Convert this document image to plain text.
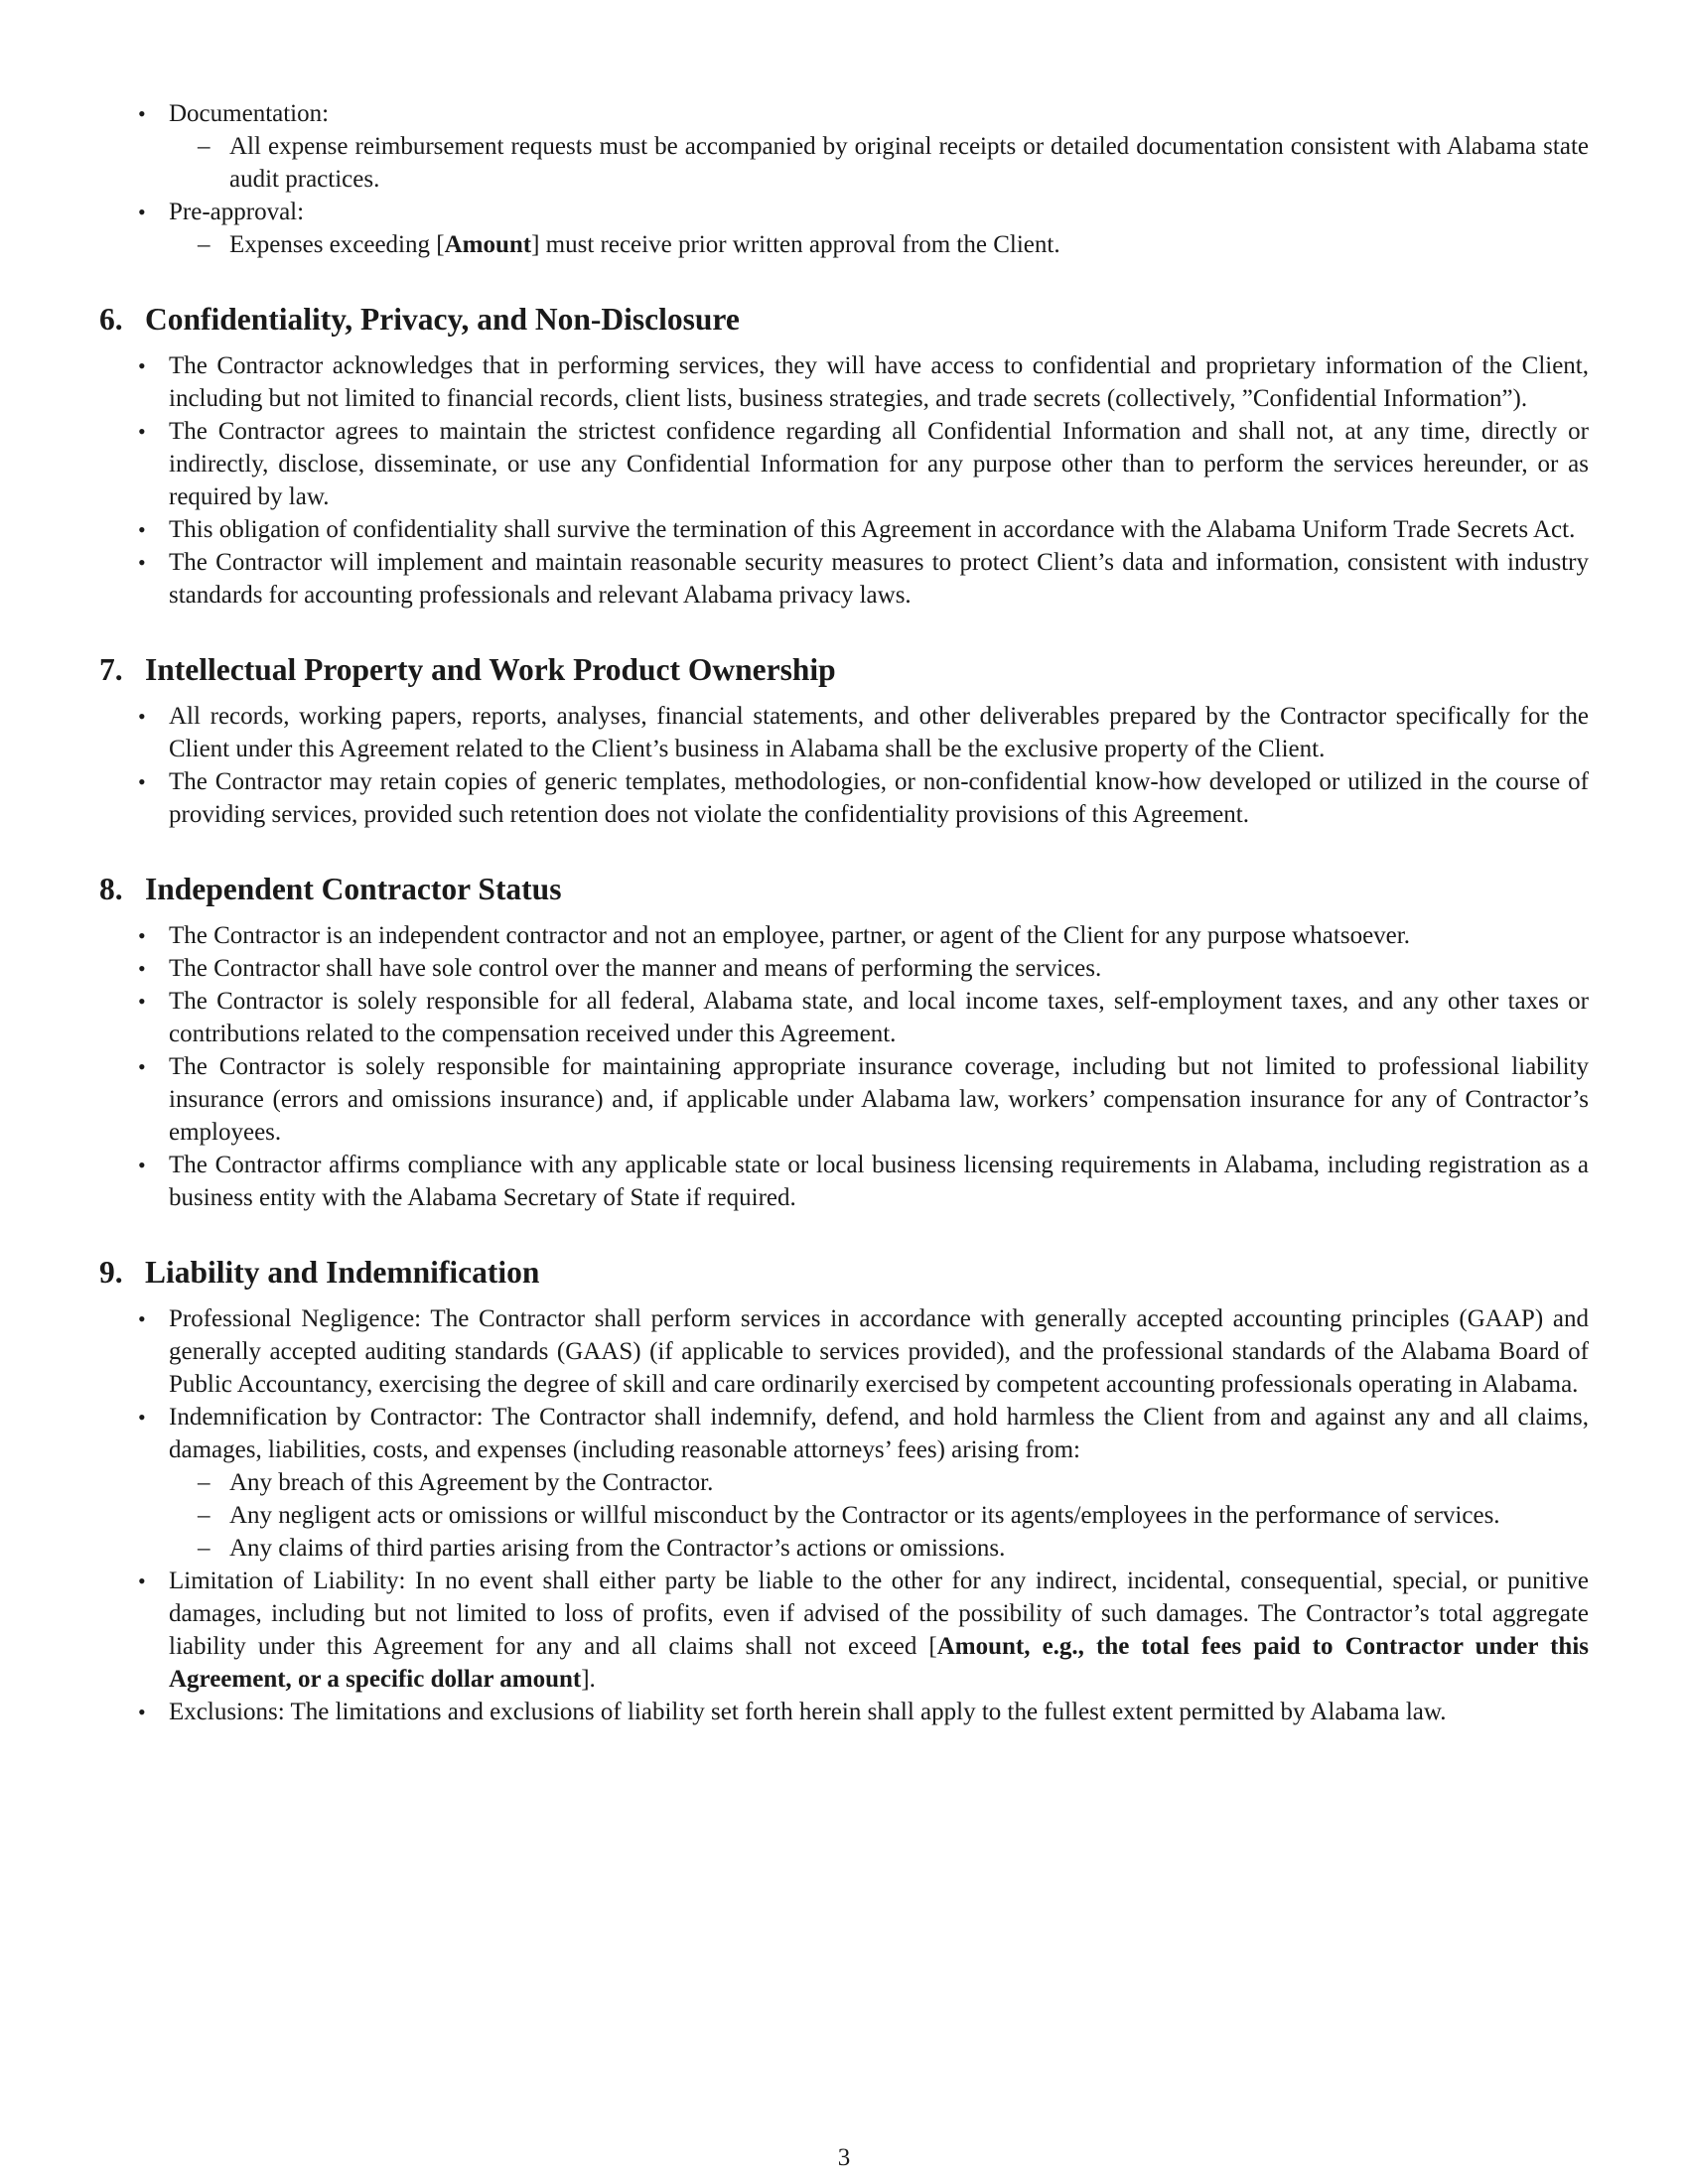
• Documentation:
– All expense reimbursement requests must be accompanied by original receipts or detailed documentation consistent with Alabama state audit practices.
• Pre-approval:
– Expenses exceeding [Amount] must receive prior written approval from the Client.
6. Confidentiality, Privacy, and Non-Disclosure
• The Contractor acknowledges that in performing services, they will have access to confidential and proprietary information of the Client, including but not limited to financial records, client lists, business strategies, and trade secrets (collectively, ”Confidential Information”).
• The Contractor agrees to maintain the strictest confidence regarding all Confidential Information and shall not, at any time, directly or indirectly, disclose, disseminate, or use any Confidential Information for any purpose other than to perform the services hereunder, or as required by law.
• This obligation of confidentiality shall survive the termination of this Agreement in accordance with the Alabama Uniform Trade Secrets Act.
• The Contractor will implement and maintain reasonable security measures to protect Client’s data and information, consistent with industry standards for accounting professionals and relevant Alabama privacy laws.
7. Intellectual Property and Work Product Ownership
• All records, working papers, reports, analyses, financial statements, and other deliverables prepared by the Contractor specifically for the Client under this Agreement related to the Client’s business in Alabama shall be the exclusive property of the Client.
• The Contractor may retain copies of generic templates, methodologies, or non-confidential know-how developed or utilized in the course of providing services, provided such retention does not violate the confidentiality provisions of this Agreement.
8. Independent Contractor Status
• The Contractor is an independent contractor and not an employee, partner, or agent of the Client for any purpose whatsoever.
• The Contractor shall have sole control over the manner and means of performing the services.
• The Contractor is solely responsible for all federal, Alabama state, and local income taxes, self-employment taxes, and any other taxes or contributions related to the compensation received under this Agreement.
• The Contractor is solely responsible for maintaining appropriate insurance coverage, including but not limited to professional liability insurance (errors and omissions insurance) and, if applicable under Alabama law, workers’ compensation insurance for any of Contractor’s employees.
• The Contractor affirms compliance with any applicable state or local business licensing requirements in Alabama, including registration as a business entity with the Alabama Secretary of State if required.
9. Liability and Indemnification
• Professional Negligence: The Contractor shall perform services in accordance with generally accepted accounting principles (GAAP) and generally accepted auditing standards (GAAS) (if applicable to services provided), and the professional standards of the Alabama Board of Public Accountancy, exercising the degree of skill and care ordinarily exercised by competent accounting professionals operating in Alabama.
• Indemnification by Contractor: The Contractor shall indemnify, defend, and hold harmless the Client from and against any and all claims, damages, liabilities, costs, and expenses (including reasonable attorneys’ fees) arising from:
– Any breach of this Agreement by the Contractor.
– Any negligent acts or omissions or willful misconduct by the Contractor or its agents/employees in the performance of services.
– Any claims of third parties arising from the Contractor’s actions or omissions.
• Limitation of Liability: In no event shall either party be liable to the other for any indirect, incidental, consequential, special, or punitive damages, including but not limited to loss of profits, even if advised of the possibility of such damages. The Contractor’s total aggregate liability under this Agreement for any and all claims shall not exceed [Amount, e.g., the total fees paid to Contractor under this Agreement, or a specific dollar amount].
• Exclusions: The limitations and exclusions of liability set forth herein shall apply to the fullest extent permitted by Alabama law.
3
